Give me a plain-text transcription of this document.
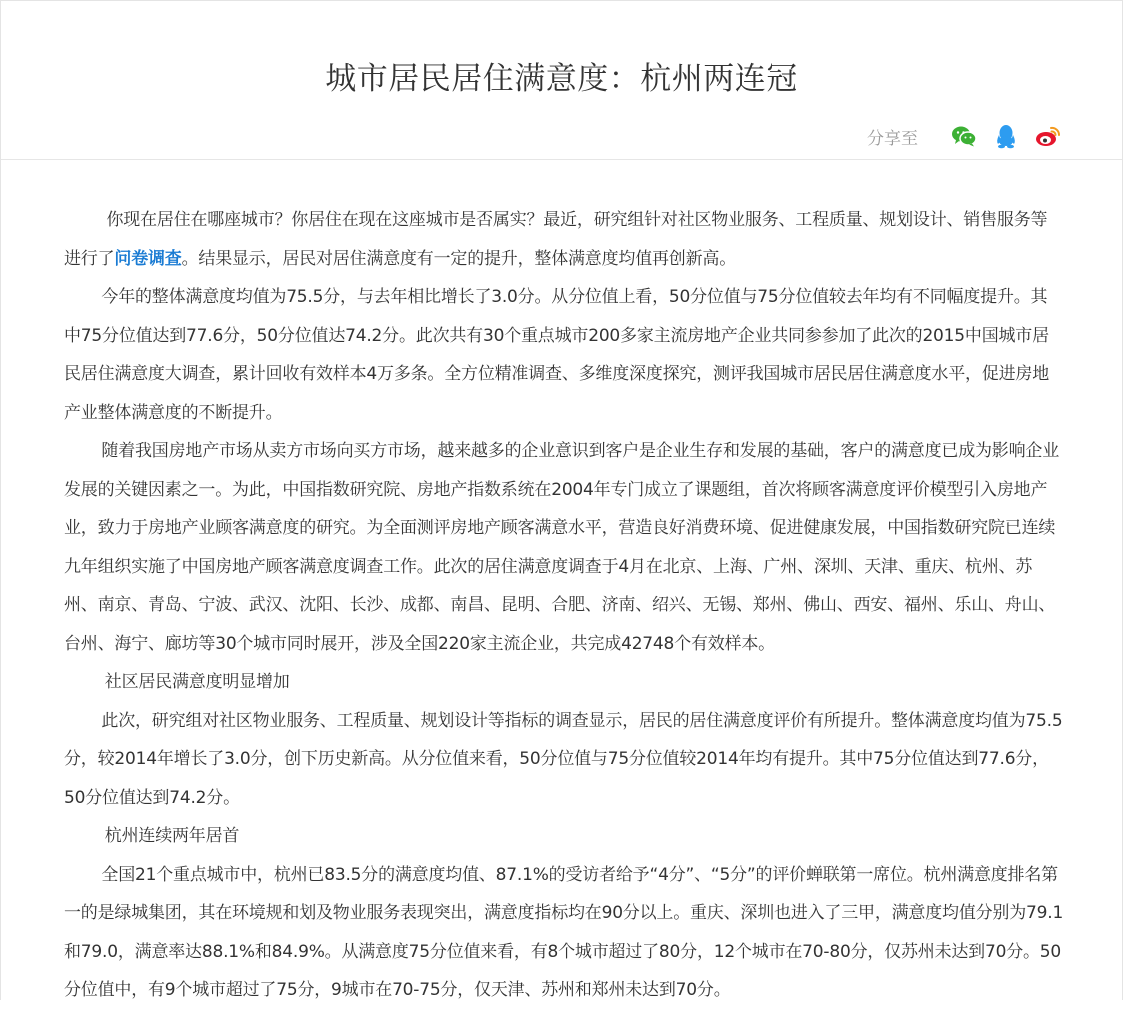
城市居民居住满意度：杭州两连冠
分享至

你现在居住在哪座城市？你居住在现在这座城市是否属实？最近，研究组针对社区物业服务、工程质量、规划设计、销售服务等进行了问卷调查。结果显示，居民对居住满意度有一定的提升，整体满意度均值再创新高。

今年的整体满意度均值为75.5分，与去年相比增长了3.0分。从分位值上看，50分位值与75分位值较去年均有不同幅度提升。其中75分位值达到77.6分，50分位值达74.2分。此次共有30个重点城市200多家主流房地产企业共同参参加了此次的2015中国城市居民居住满意度大调查，累计回收有效样本4万多条。全方位精准调查、多维度深度探究，测评我国城市居民居住满意度水平，促进房地产业整体满意度的不断提升。

随着我国房地产市场从卖方市场向买方市场，越来越多的企业意识到客户是企业生存和发展的基础，客户的满意度已成为影响企业发展的关键因素之一。为此，中国指数研究院、房地产指数系统在2004年专门成立了课题组，首次将顾客满意度评价模型引入房地产业，致力于房地产业顾客满意度的研究。为全面测评房地产顾客满意水平，营造良好消费环境、促进健康发展，中国指数研究院已连续九年组织实施了中国房地产顾客满意度调查工作。此次的居住满意度调查于4月在北京、上海、广州、深圳、天津、重庆、杭州、苏州、南京、青岛、宁波、武汉、沈阳、长沙、成都、南昌、昆明、合肥、济南、绍兴、无锡、郑州、佛山、西安、福州、乐山、舟山、台州、海宁、廊坊等30个城市同时展开，涉及全国220家主流企业，共完成42748个有效样本。

社区居民满意度明显增加

此次，研究组对社区物业服务、工程质量、规划设计等指标的调查显示，居民的居住满意度评价有所提升。整体满意度均值为75.5分，较2014年增长了3.0分，创下历史新高。从分位值来看，50分位值与75分位值较2014年均有提升。其中75分位值达到77.6分，50分位值达到74.2分。

杭州连续两年居首

全国21个重点城市中，杭州已83.5分的满意度均值、87.1%的受访者给予“4分”、“5分”的评价蝉联第一席位。杭州满意度排名第一的是绿城集团，其在环境规和划及物业服务表现突出，满意度指标均在90分以上。重庆、深圳也进入了三甲，满意度均值分别为79.1和79.0，满意率达88.1%和84.9%。从满意度75分位值来看，有8个城市超过了80分，12个城市在70-80分，仅苏州未达到70分。50分位值中，有9个城市超过了75分，9城市在70-75分，仅天津、苏州和郑州未达到70分。
